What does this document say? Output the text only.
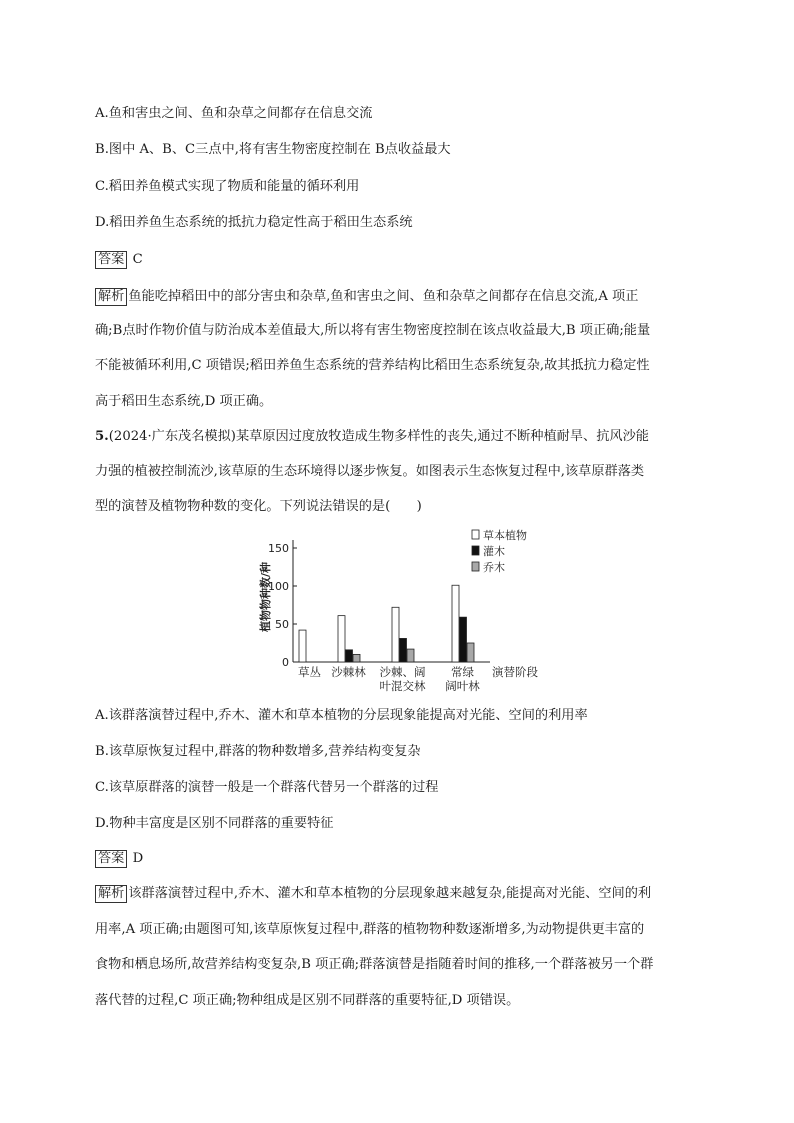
A.鱼和害虫之间、鱼和杂草之间都存在信息交流
B.图中 A、B、C三点中,将有害生物密度控制在 B点收益最大
C.稻田养鱼模式实现了物质和能量的循环利用
D.稻田养鱼生态系统的抵抗力稳定性高于稻田生态系统
答案 C
解析 鱼能吃掉稻田中的部分害虫和杂草,鱼和害虫之间、鱼和杂草之间都存在信息交流,A 项正
确;B点时作物价值与防治成本差值最大,所以将有害生物密度控制在该点收益最大,B 项正确;能量
不能被循环利用,C 项错误;稻田养鱼生态系统的营养结构比稻田生态系统复杂,故其抵抗力稳定性
高于稻田生态系统,D 项正确。
5.(2024·广东茂名模拟)某草原因过度放牧造成生物多样性的丧失,通过不断种植耐旱、抗风沙能
力强的植被控制流沙,该草原的生态环境得以逐步恢复。如图表示生态恢复过程中,该草原群落类
型的演替及植物物种数的变化。下列说法错误的是(　　)
草本植物
灌木
乔木
0
50
100
150
植物物种数/种
草丛 沙棘林 沙棘、阔
叶混交林
常绿
阔叶林
演替阶段
A.该群落演替过程中,乔木、灌木和草本植物的分层现象能提高对光能、空间的利用率
B.该草原恢复过程中,群落的物种数增多,营养结构变复杂
C.该草原群落的演替一般是一个群落代替另一个群落的过程
D.物种丰富度是区别不同群落的重要特征
答案 D
解析 该群落演替过程中,乔木、灌木和草本植物的分层现象越来越复杂,能提高对光能、空间的利
用率,A 项正确;由题图可知,该草原恢复过程中,群落的植物物种数逐渐增多,为动物提供更丰富的
食物和栖息场所,故营养结构变复杂,B 项正确;群落演替是指随着时间的推移,一个群落被另一个群
落代替的过程,C 项正确;物种组成是区别不同群落的重要特征,D 项错误。
